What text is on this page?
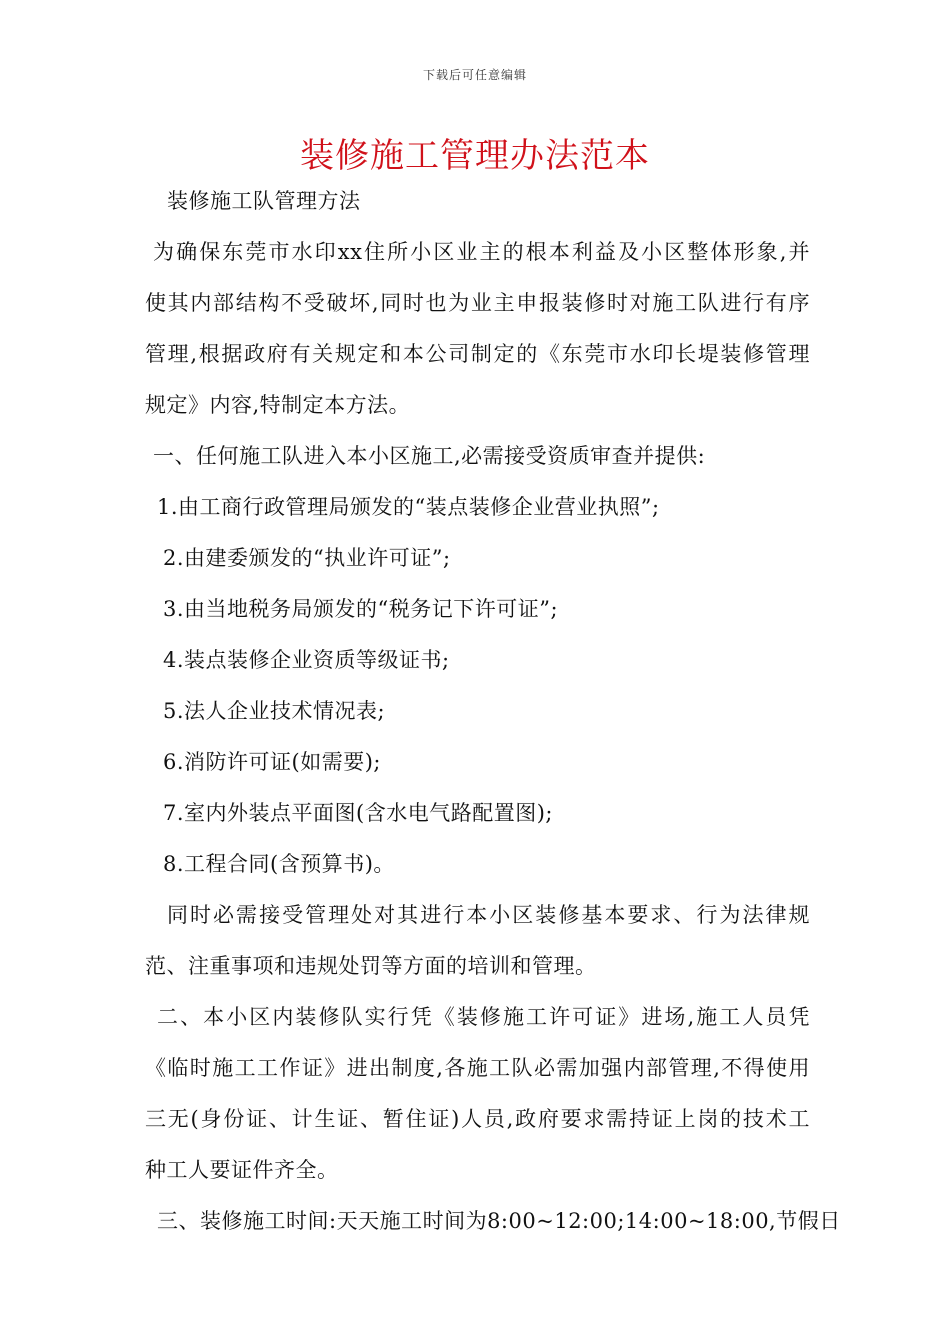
下载后可任意编辑
装修施工管理办法范本
装修施工队管理方法
为确保东莞市水印xx住所小区业主的根本利益及小区整体形象,并
使其内部结构不受破坏,同时也为业主申报装修时对施工队进行有序
管理,根据政府有关规定和本公司制定的《东莞市水印长堤装修管理
规定》内容,特制定本方法。
一、任何施工队进入本小区施工,必需接受资质审查并提供:
1.由工商行政管理局颁发的“装点装修企业营业执照”;
2.由建委颁发的“执业许可证”;
3.由当地税务局颁发的“税务记下许可证”;
4.装点装修企业资质等级证书;
5.法人企业技术情况表;
6.消防许可证(如需要);
7.室内外装点平面图(含水电气路配置图);
8.工程合同(含预算书)。
同时必需接受管理处对其进行本小区装修基本要求、行为法律规
范、注重事项和违规处罚等方面的培训和管理。
二、本小区内装修队实行凭《装修施工许可证》进场,施工人员凭
《临时施工工作证》进出制度,各施工队必需加强内部管理,不得使用
三无(身份证、计生证、暂住证)人员,政府要求需持证上岗的技术工
种工人要证件齐全。
三、装修施工时间:天天施工时间为8:00~12:00;14:00~18:00,节假日
